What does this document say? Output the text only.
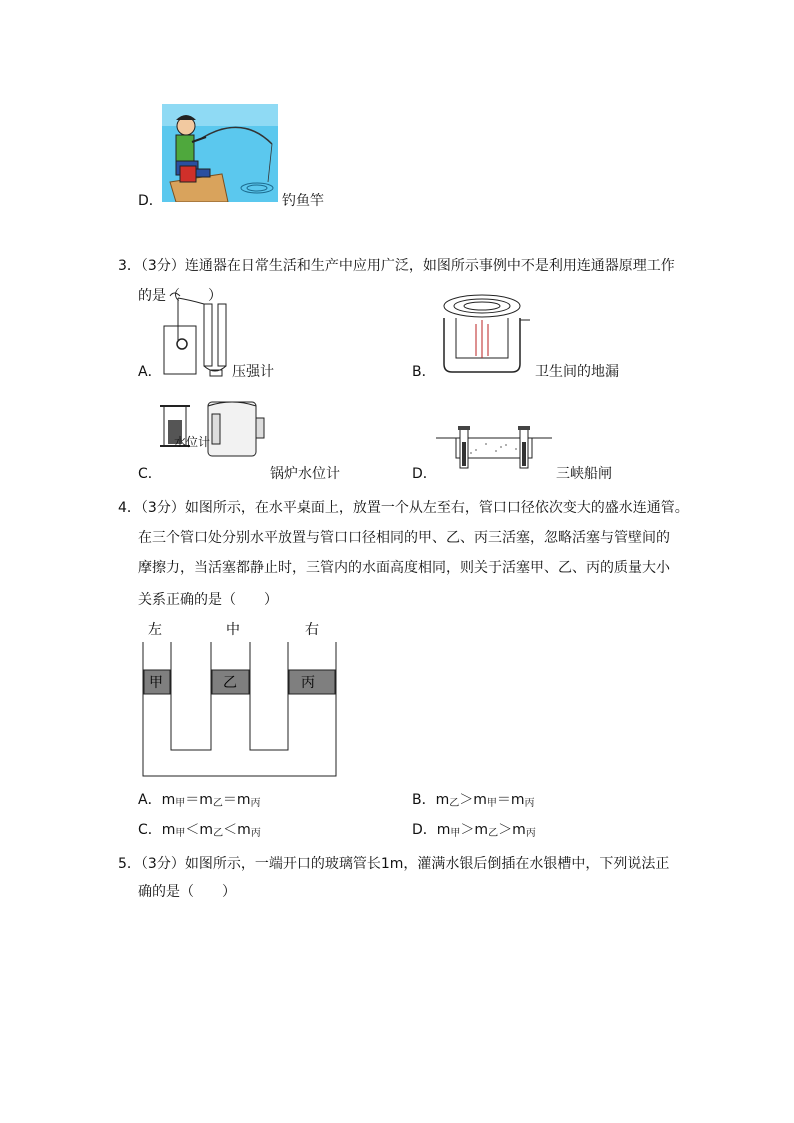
D．	钓鱼竿
3．（3分）连通器在日常生活和生产中应用广泛，如图所示事例中不是利用连通器原理工作
的是（　　）
A．	压强计	B．	卫生间的地漏
水位计
C．	锅炉水位计	D．	三峡船闸
4．（3分）如图所示，在水平桌面上，放置一个从左至右，管口口径依次变大的盛水连通管。
在三个管口处分别水平放置与管口口径相同的甲、乙、丙三活塞，忽略活塞与管壁间的
摩擦力，当活塞都静止时，三管内的水面高度相同，则关于活塞甲、乙、丙的质量大小
关系正确的是（　　）
左	中	右
甲	乙	丙
A．$m_甲=m_乙=m_丙$	B．$m_乙>m_甲=m_丙$
C．$m_甲<m_乙<m_丙$	D．$m_甲>m_乙>m_丙$
5．（3分）如图所示，一端开口的玻璃管长1m，灌满水银后倒插在水银槽中，下列说法正
确的是（　　）
